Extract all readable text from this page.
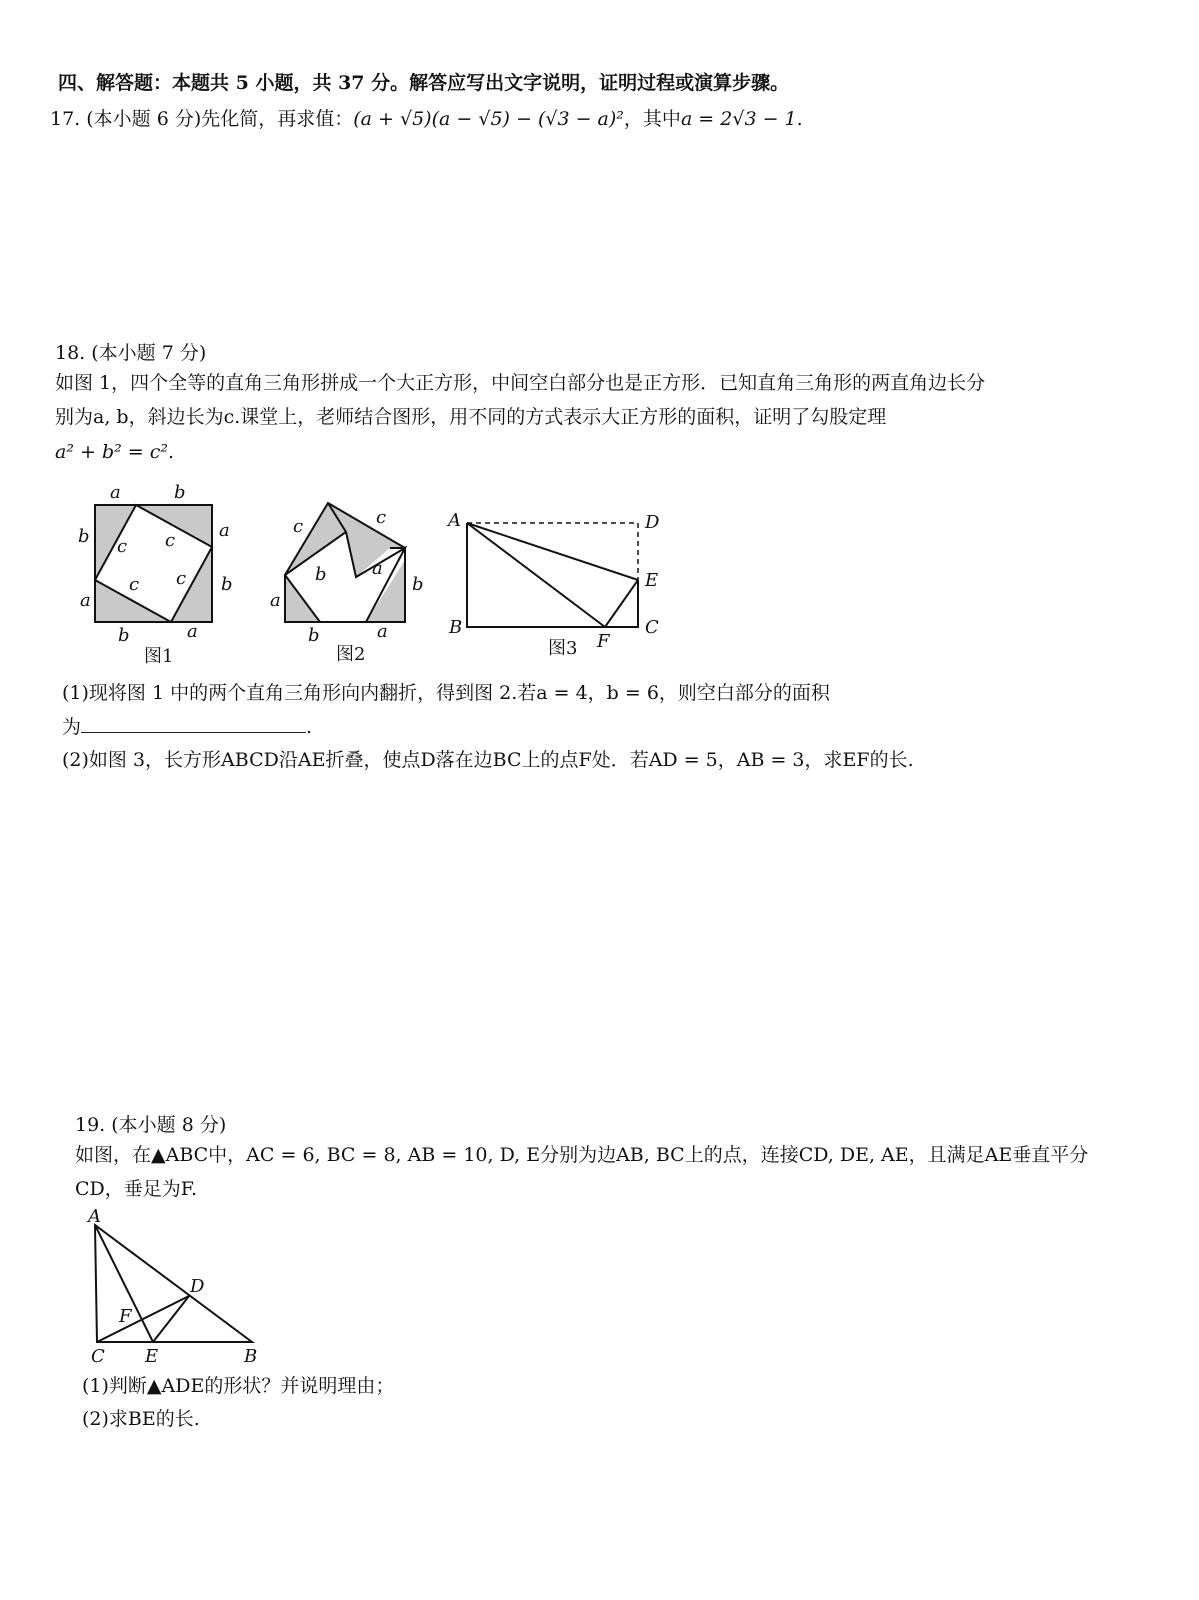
四、解答题：本题共 5 小题，共 37 分。解答应写出文字说明，证明过程或演算步骤。
17. (本小题 6 分)先化简，再求值：(a + √5)(a − √5) − (√3 − a)²，其中a = 2√3 − 1.
18. (本小题 7 分)
如图 1，四个全等的直角三角形拼成一个大正方形，中间空白部分也是正方形．已知直角三角形的两直角边长分
别为a, b，斜边长为c.课堂上，老师结合图形，用不同的方式表示大正方形的面积，证明了勾股定理
a² + b² = c².
a	b
b
a
a
b
b	a
c c
c c
图1
c	c
b	a
a
b
b	a
图2
A	D
E
B
F
C
图3
(1)现将图 1 中的两个直角三角形向内翻折，得到图 2.若a = 4，b = 6，则空白部分的面积
为	.
(2)如图 3，长方形ABCD沿AE折叠，使点D落在边BC上的点F处．若AD = 5，AB = 3，求EF的长.
19. (本小题 8 分)
如图，在▲ABC中，AC = 6, BC = 8, AB = 10, D, E分别为边AB, BC上的点，连接CD, DE, AE，且满足AE垂直平分
CD，垂足为F.
A
D
F
C E	B
(1)判断▲ADE的形状？并说明理由；
(2)求BE的长.
